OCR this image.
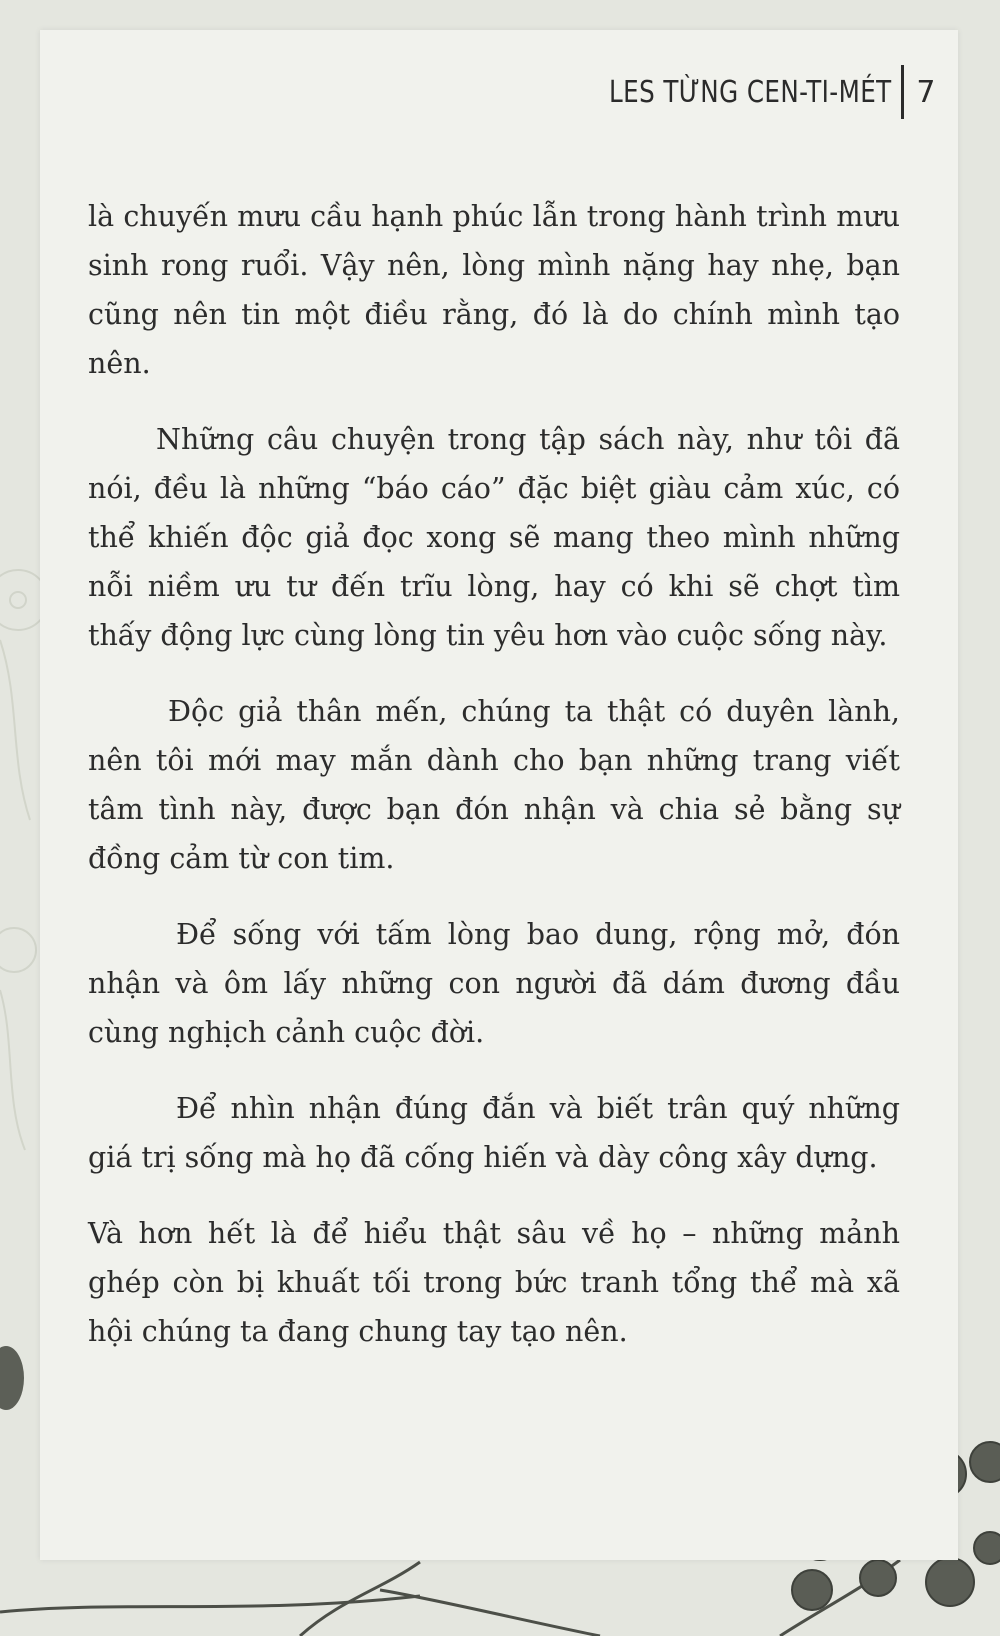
LES TỪNG CEN-TI-MÉT 7

là chuyến mưu cầu hạnh phúc lẫn trong hành trình mưu sinh rong ruổi. Vậy nên, lòng mình nặng hay nhẹ, bạn cũng nên tin một điều rằng, đó là do chính mình tạo nên.

Những câu chuyện trong tập sách này, như tôi đã nói, đều là những “báo cáo” đặc biệt giàu cảm xúc, có thể khiến độc giả đọc xong sẽ mang theo mình những nỗi niềm ưu tư đến trĩu lòng, hay có khi sẽ chợt tìm thấy động lực cùng lòng tin yêu hơn vào cuộc sống này.

Độc giả thân mến, chúng ta thật có duyên lành, nên tôi mới may mắn dành cho bạn những trang viết tâm tình này, được bạn đón nhận và chia sẻ bằng sự đồng cảm từ con tim.

Để sống với tấm lòng bao dung, rộng mở, đón nhận và ôm lấy những con người đã dám đương đầu cùng nghịch cảnh cuộc đời.

Để nhìn nhận đúng đắn và biết trân quý những giá trị sống mà họ đã cống hiến và dày công xây dựng.

Và hơn hết là để hiểu thật sâu về họ – những mảnh ghép còn bị khuất tối trong bức tranh tổng thể mà xã hội chúng ta đang chung tay tạo nên.
